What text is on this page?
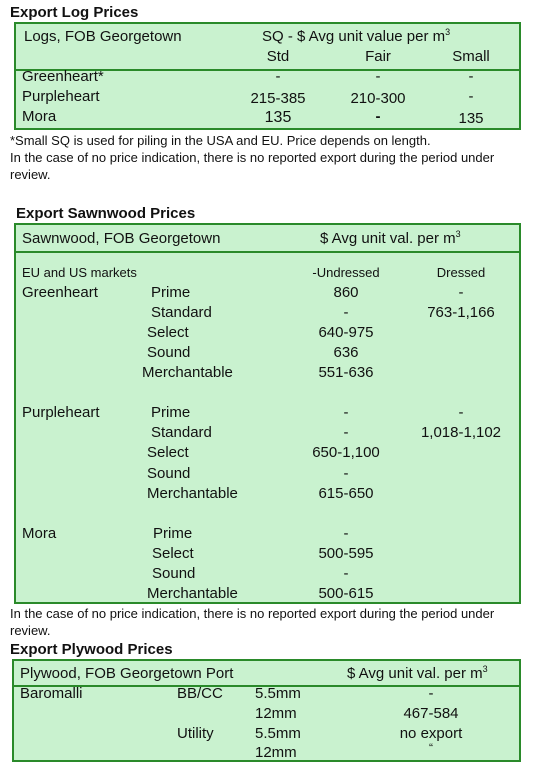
Export Log Prices
Logs, FOB Georgetown	SQ - $ Avg unit value per $m^3$
Std	Fair	Small
Greenheart*	-	-	-
Purpleheart	215-385	210-300	-
Mora	135	-	135
*Small SQ is used for piling in the USA and EU. Price depends on length.
In the case of no price indication, there is no reported export during the period under review.
Export Sawnwood Prices
Sawnwood, FOB Georgetown	$ Avg unit val. per $m^3$
EU and US markets	-Undressed	Dressed
Greenheart	Prime	860	-
Standard	-	763-1,166
Select	640-975
Sound	636
Merchantable	551-636
Purpleheart	Prime	-	-
Standard	-	1,018-1,102
Select	650-1,100
Sound	-
Merchantable	615-650
Mora	Prime	-
Select	500-595
Sound	-
Merchantable	500-615
In the case of no price indication, there is no reported export during the period under review.
Export Plywood Prices
Plywood, FOB Georgetown Port	$ Avg unit val. per $m^3$
Baromalli	BB/CC 5.5mm	-
12mm	467-584
Utility	5.5mm	no export
12mm	“
